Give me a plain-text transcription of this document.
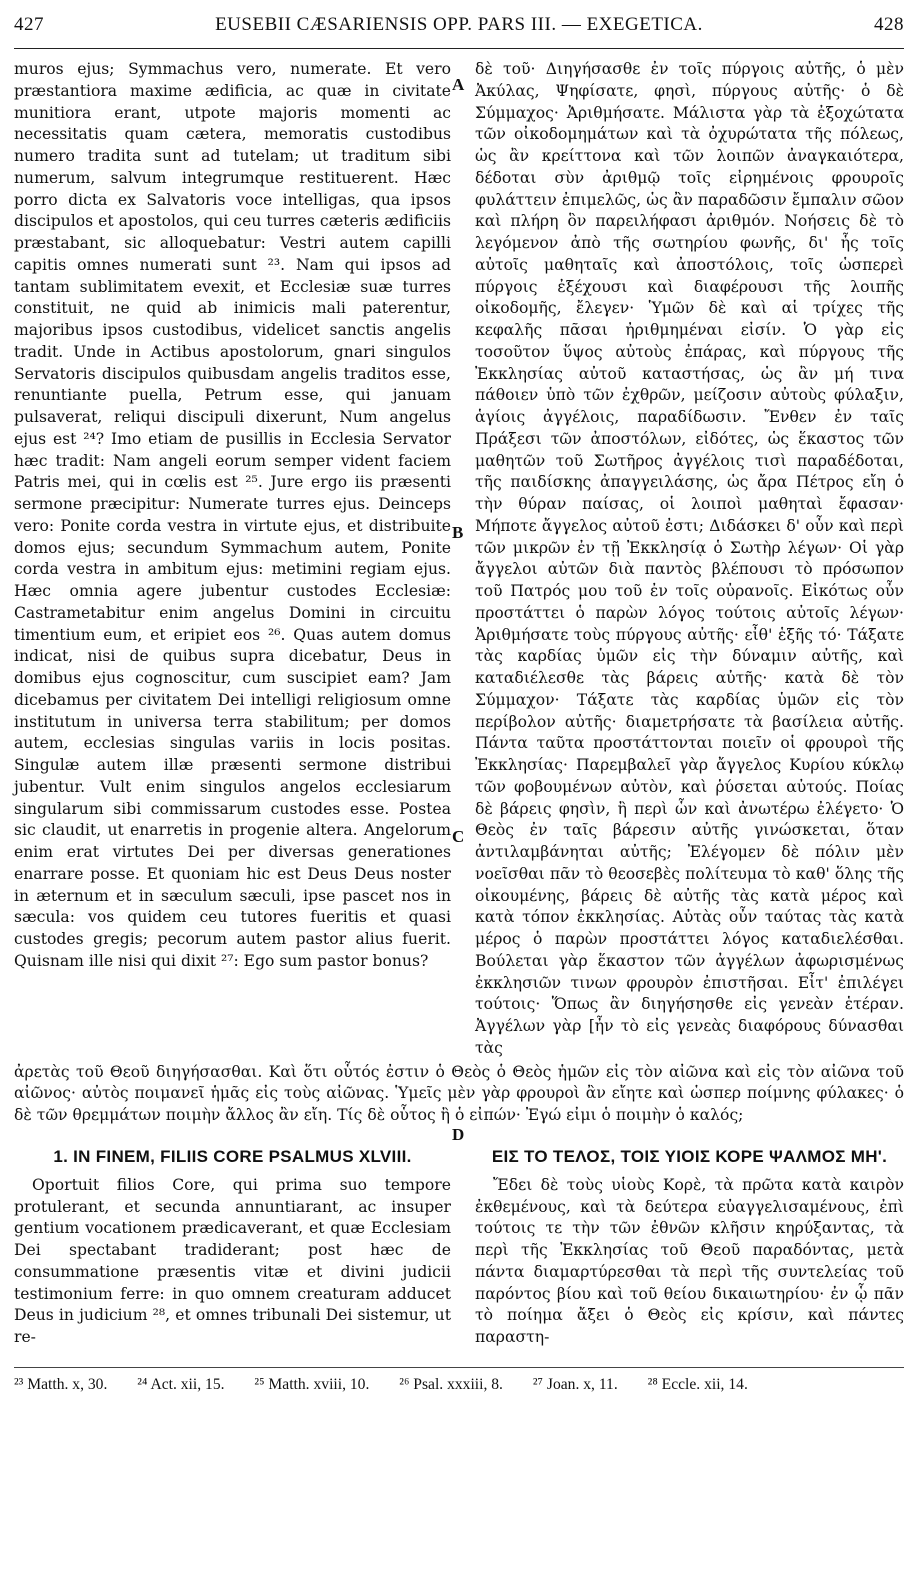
427	EUSEBII CÆSARIENSIS OPP. PARS III. — EXEGETICA.	428

muros ejus; Symmachus vero, numerate. Et vero præstantiora maxime ædificia, ac quæ in civitate munitiora erant, utpote majoris momenti ac necessitatis quam cætera, memoratis custodibus numero tradita sunt ad tutelam; ut traditum sibi numerum, salvum integrumque restituerent. Hæc porro dicta ex Salvatoris voce intelligas, qua ipsos discipulos et apostolos, qui ceu turres cæteris ædificiis præstabant, sic alloquebatur: Vestri autem capilli capitis omnes numerati sunt ²³. Nam qui ipsos ad tantam sublimitatem evexit, et Ecclesiæ suæ turres constituit, ne quid ab inimicis mali paterentur, majoribus ipsos custodibus, videlicet sanctis angelis tradit. Unde in Actibus apostolorum, gnari singulos Servatoris discipulos quibusdam angelis traditos esse, renuntiante puella, Petrum esse, qui januam pulsaverat, reliqui discipuli dixerunt, Num angelus ejus est ²⁴? Imo etiam de pusillis in Ecclesia Servator hæc tradit: Nam angeli eorum semper vident faciem Patris mei, qui in cœlis est ²⁵. Jure ergo iis præsenti sermone præcipitur: Numerate turres ejus. Deinceps vero: Ponite corda vestra in virtute ejus, et distribuite domos ejus; secundum Symmachum autem, Ponite corda vestra in ambitum ejus: metimini regiam ejus. Hæc omnia agere jubentur custodes Ecclesiæ: Castrametabitur enim angelus Domini in circuitu timentium eum, et eripiet eos ²⁶. Quas autem domus indicat, nisi de quibus supra dicebatur, Deus in domibus ejus cognoscitur, cum suscipiet eam? Jam dicebamus per civitatem Dei intelligi religiosum omne institutum in universa terra stabilitum; per domos autem, ecclesias singulas variis in locis positas. Singulæ autem illæ præsenti sermone distribui jubentur. Vult enim singulos angelos ecclesiarum singularum sibi commissarum custodes esse. Postea sic claudit, ut enarretis in progenie altera. Angelorum enim erat virtutes Dei per diversas generationes enarrare posse. Et quoniam hic est Deus Deus noster in æternum et in sæculum sæculi, ipse pascet nos in sæcula: vos quidem ceu tutores fueritis et quasi custodes gregis; pecorum autem pastor alius fuerit. Quisnam ille nisi qui dixit ²⁷: Ego sum pastor bonus?

δὲ τοῦ· Διηγήσασθε ἐν τοῖς πύργοις αὐτῆς, ὁ μὲν Ἀκύλας, Ψηφίσατε, φησὶ, πύργους αὐτῆς· ὁ δὲ Σύμμαχος· Ἀριθμήσατε. Μάλιστα γὰρ τὰ ἐξοχώτατα τῶν οἰκοδομημάτων καὶ τὰ ὀχυρώτατα τῆς πόλεως, ὡς ἂν κρείττονα καὶ τῶν λοιπῶν ἀναγκαιότερα, δέδοται σὺν ἀριθμῷ τοῖς εἰρημένοις φρουροῖς φυλάττειν ἐπιμελῶς, ὡς ἂν παραδῶσιν ἔμπαλιν σῶον καὶ πλήρη ὃν παρειλήφασι ἀριθμόν. Νοήσεις δὲ τὸ λεγόμενον ἀπὸ τῆς σωτηρίου φωνῆς, δι' ἧς τοῖς αὐτοῖς μαθηταῖς καὶ ἀποστόλοις, τοῖς ὡσπερεὶ πύργοις ἐξέχουσι καὶ διαφέρουσι τῆς λοιπῆς οἰκοδομῆς, ἔλεγεν· Ὑμῶν δὲ καὶ αἱ τρίχες τῆς κεφαλῆς πᾶσαι ἠριθμημέναι εἰσίν. Ὁ γὰρ εἰς τοσοῦτον ὕψος αὐτοὺς ἐπάρας, καὶ πύργους τῆς Ἐκκλησίας αὐτοῦ καταστήσας, ὡς ἂν μή τινα πάθοιεν ὑπὸ τῶν ἐχθρῶν, μείζοσιν αὐτοὺς φύλαξιν, ἁγίοις ἀγγέλοις, παραδίδωσιν. Ἔνθεν ἐν ταῖς Πράξεσι τῶν ἀποστόλων, εἰδότες, ὡς ἕκαστος τῶν μαθητῶν τοῦ Σωτῆρος ἀγγέλοις τισὶ παραδέδοται, τῆς παιδίσκης ἀπαγγειλάσης, ὡς ἄρα Πέτρος εἴη ὁ τὴν θύραν παίσας, οἱ λοιποὶ μαθηταὶ ἔφασαν· Μήποτε ἄγγελος αὐτοῦ ἐστι; Διδάσκει δ' οὖν καὶ περὶ τῶν μικρῶν ἐν τῇ Ἐκκλησίᾳ ὁ Σωτὴρ λέγων· Οἱ γὰρ ἄγγελοι αὐτῶν διὰ παντὸς βλέπουσι τὸ πρόσωπον τοῦ Πατρός μου τοῦ ἐν τοῖς οὐρανοῖς. Εἰκότως οὖν προστάττει ὁ παρὼν λόγος τούτοις αὐτοῖς λέγων· Ἀριθμήσατε τοὺς πύργους αὐτῆς· εἶθ' ἑξῆς τό· Τάξατε τὰς καρδίας ὑμῶν εἰς τὴν δύναμιν αὐτῆς, καὶ καταδιέλεσθε τὰς βάρεις αὐτῆς· κατὰ δὲ τὸν Σύμμαχον· Τάξατε τὰς καρδίας ὑμῶν εἰς τὸν περίβολον αὐτῆς· διαμετρήσατε τὰ βασίλεια αὐτῆς. Πάντα ταῦτα προστάττονται ποιεῖν οἱ φρουροὶ τῆς Ἐκκλησίας· Παρεμβαλεῖ γὰρ ἄγγελος Κυρίου κύκλῳ τῶν φοβουμένων αὐτὸν, καὶ ῥύσεται αὐτούς. Ποίας δὲ βάρεις φησὶν, ἢ περὶ ὧν καὶ ἀνωτέρω ἐλέγετο· Ὁ Θεὸς ἐν ταῖς βάρεσιν αὐτῆς γινώσκεται, ὅταν ἀντιλαμβάνηται αὐτῆς; Ἐλέγομεν δὲ πόλιν μὲν νοεῖσθαι πᾶν τὸ θεοσεβὲς πολίτευμα τὸ καθ' ὅλης τῆς οἰκουμένης, βάρεις δὲ αὐτῆς τὰς κατὰ μέρος καὶ κατὰ τόπον ἐκκλησίας. Αὐτὰς οὖν ταύτας τὰς κατὰ μέρος ὁ παρὼν προστάττει λόγος καταδιελέσθαι. Βούλεται γὰρ ἕκαστον τῶν ἀγγέλων ἀφωρισμένως ἐκκλησιῶν τινων φρουρὸν ἐπιστῆσαι. Εἶτ' ἐπιλέγει τούτοις· Ὅπως ἂν διηγήσησθε εἰς γενεὰν ἑτέραν. Ἀγγέλων γὰρ [ἦν τὸ εἰς γενεὰς διαφόρους δύνασθαι τὰς

A
B
C
ἀρετὰς τοῦ Θεοῦ διηγήσασθαι. Καὶ ὅτι οὗτός ἐστιν ὁ Θεὸς ὁ Θεὸς ἡμῶν εἰς τὸν αἰῶνα καὶ εἰς τὸν αἰῶνα τοῦ αἰῶνος· αὐτὸς ποιμανεῖ ἡμᾶς εἰς τοὺς αἰῶνας. Ὑμεῖς μὲν γὰρ φρουροὶ ἂν εἴητε καὶ ὡσπερ ποίμνης φύλακες· ὁ δὲ τῶν θρεμμάτων ποιμὴν ἄλλος ἂν εἴη. Τίς δὲ οὗτος ἢ ὁ εἰπών· Ἐγώ εἰμι ὁ ποιμὴν ὁ καλός;
D
1. IN FINEM, FILIIS CORE PSALMUS XLVIII.

Oportuit filios Core, qui prima suo tempore protulerant, et secunda annuntiarant, ac insuper gentium vocationem prædicaverant, et quæ Ecclesiam Dei spectabant tradiderant; post hæc de consummatione præsentis vitæ et divini judicii testimonium ferre: in quo omnem creaturam adducet Deus in judicium ²⁸, et omnes tribunali Dei sistemur, ut re-

ΕΙΣ ΤΟ ΤΕΛΟΣ, ΤΟΙΣ ΥΙΟΙΣ ΚΟΡΕ ΨΑΛΜΟΣ ΜΗ'.

Ἔδει δὲ τοὺς υἱοὺς Κορὲ, τὰ πρῶτα κατὰ καιρὸν ἐκθεμένους, καὶ τὰ δεύτερα εὐαγγελισαμένους, ἐπὶ τούτοις τε τὴν τῶν ἐθνῶν κλῆσιν κηρύξαντας, τὰ περὶ τῆς Ἐκκλησίας τοῦ Θεοῦ παραδόντας, μετὰ πάντα διαμαρτύρεσθαι τὰ περὶ τῆς συντελείας τοῦ παρόντος βίου καὶ τοῦ θείου δικαιωτηρίου· ἐν ᾧ πᾶν τὸ ποίημα ἄξει ὁ Θεὸς εἰς κρίσιν, καὶ πάντες παραστη-

²³ Matth. x, 30. ²⁴ Act. xii, 15. ²⁵ Matth. xviii, 10. ²⁶ Psal. xxxiii, 8. ²⁷ Joan. x, 11. ²⁸ Eccle. xii, 14.
